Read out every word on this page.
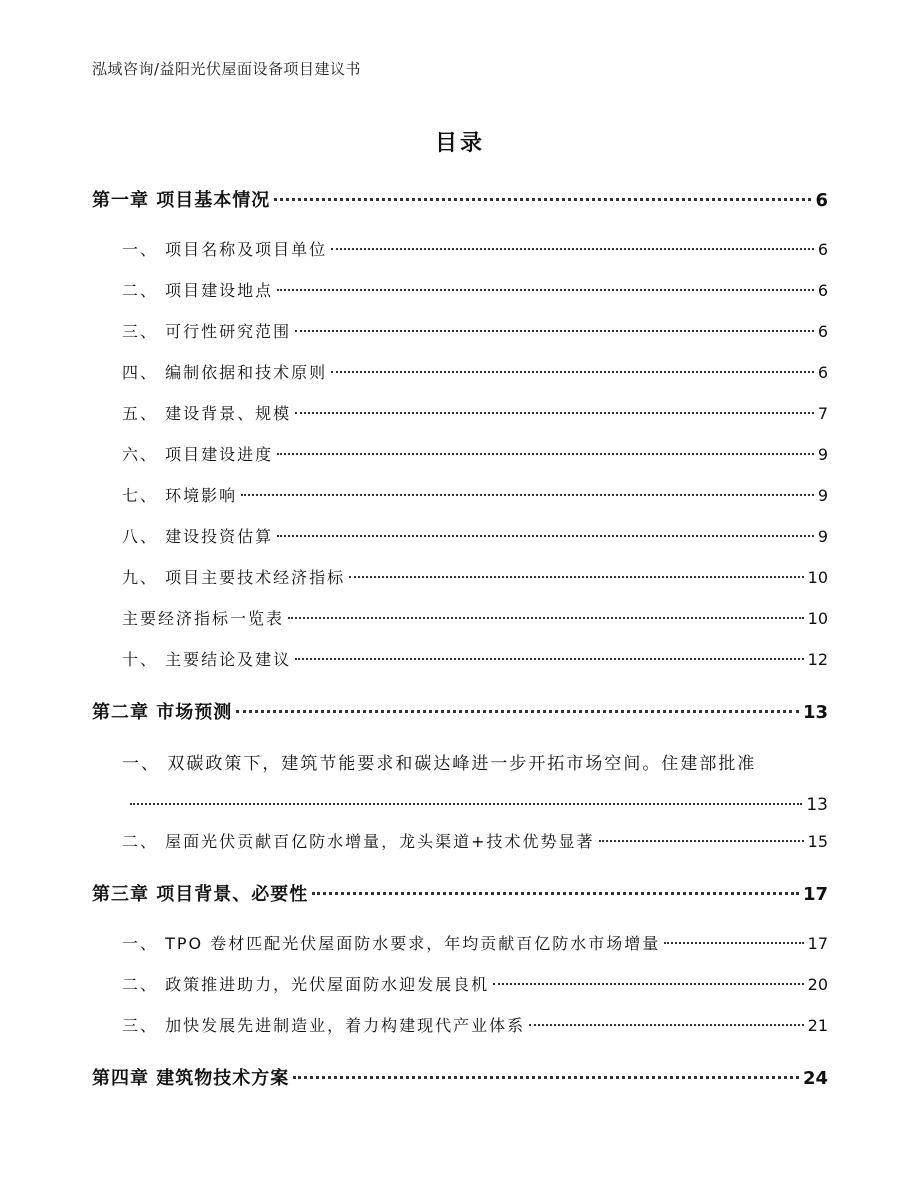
泓域咨询/益阳光伏屋面设备项目建议书
目录
第一章 项目基本情况	6
一、 项目名称及项目单位	6
二、 项目建设地点	6
三、 可行性研究范围	6
四、 编制依据和技术原则	6
五、 建设背景、规模	7
六、 项目建设进度	9
七、 环境影响	9
八、 建设投资估算	9
九、 项目主要技术经济指标	10
主要经济指标一览表	10
十、 主要结论及建议	12
第二章 市场预测	13
一、 双碳政策下，建筑节能要求和碳达峰进一步开拓市场空间。住建部批准
13
二、 屋面光伏贡献百亿防水增量，龙头渠道+技术优势显著	15
第三章 项目背景、必要性	17
一、 TPO 卷材匹配光伏屋面防水要求，年均贡献百亿防水市场增量	17
二、 政策推进助力，光伏屋面防水迎发展良机	20
三、 加快发展先进制造业，着力构建现代产业体系	21
第四章 建筑物技术方案	24
